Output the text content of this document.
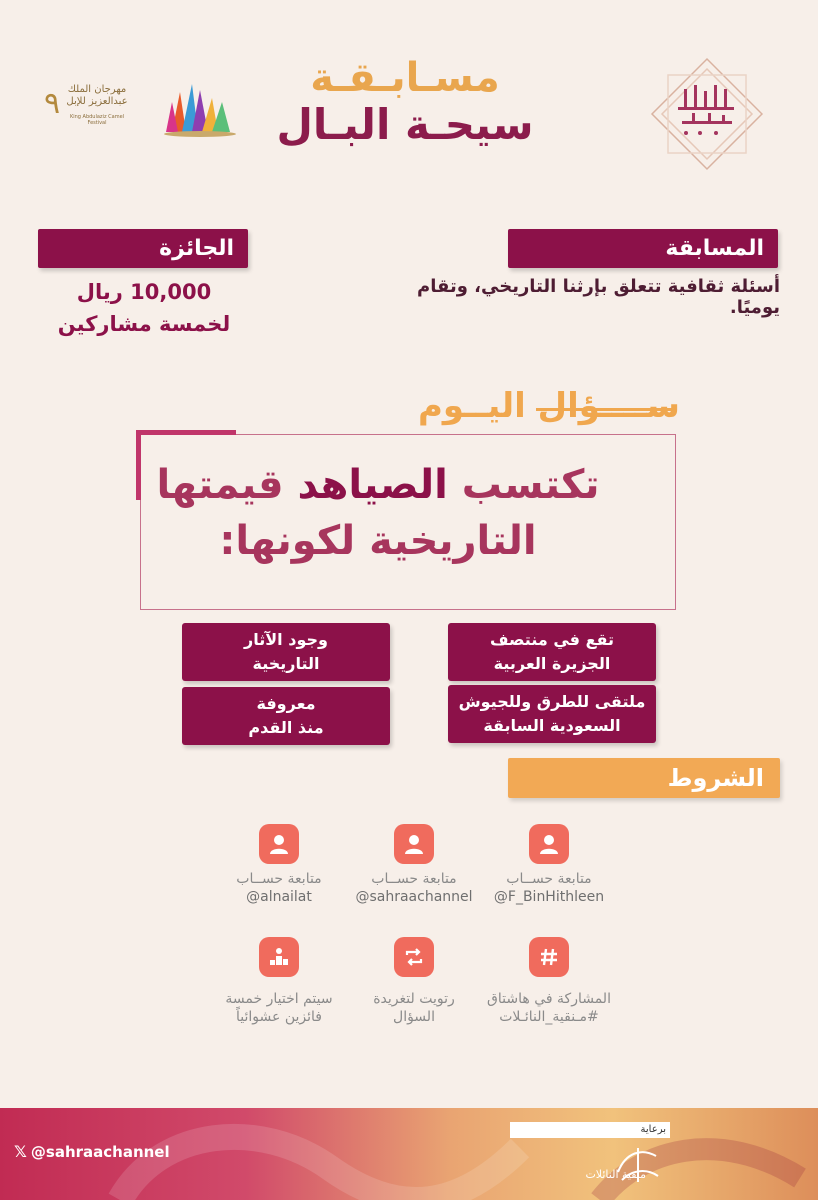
٩ مهرجان الملك عبدالعزيز للإبل
King Abdulaziz Camel Festival
مسـابـقـة
سيحـة البـال
المسابقة
الجائزة
أسئلة ثقافية تتعلق بإرثنا التاريخي، وتقام يوميًا.
10,000 ريال
لخمسة مشاركين
ســــؤال اليــوم
تكتسب الصياهد قيمتها
التاريخية لكونها:
تقع في منتصف
الجزيرة العربية
وجود الآثار
التاريخية
ملتقى للطرق وللجيوش
السعودية السابقة
معروفة
منذ القدم
الشروط
متابعة حســاب
@F_BinHithleen
متابعة حســاب
@sahraachannel
متابعة حســاب
@alnailat
المشاركة في هاشتاق
#مـنقية_النائـلات
رتويت لتغريدة
السؤال
سيتم اختيار خمسة
فائزين عشوائياً
𝕏 @sahraachannel
برعاية
منقية النائلات
